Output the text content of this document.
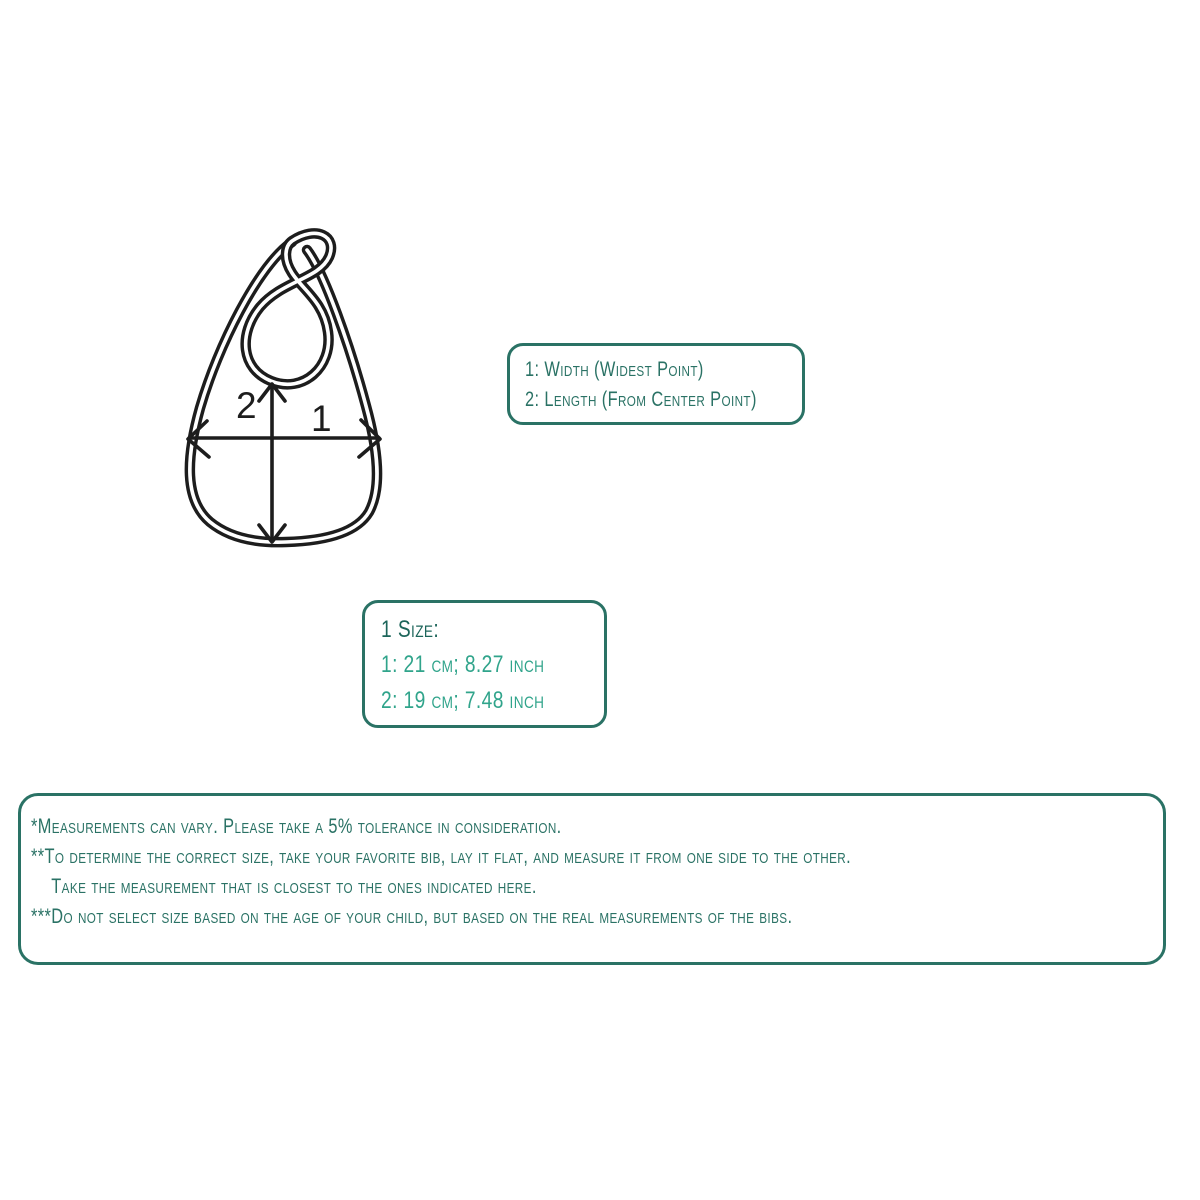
2 1
1: Width (Widest Point)
2: Length (From Center Point)
1 Size:
1: 21 cm; 8.27 inch
2: 19 cm; 7.48 inch
*Measurements can vary. Please take a 5% tolerance in consideration.
**To determine the correct size, take your favorite bib, lay it flat, and measure it from one side to the other.
Take the measurement that is closest to the ones indicated here.
***Do not select size based on the age of your child, but based on the real measurements of the bibs.
